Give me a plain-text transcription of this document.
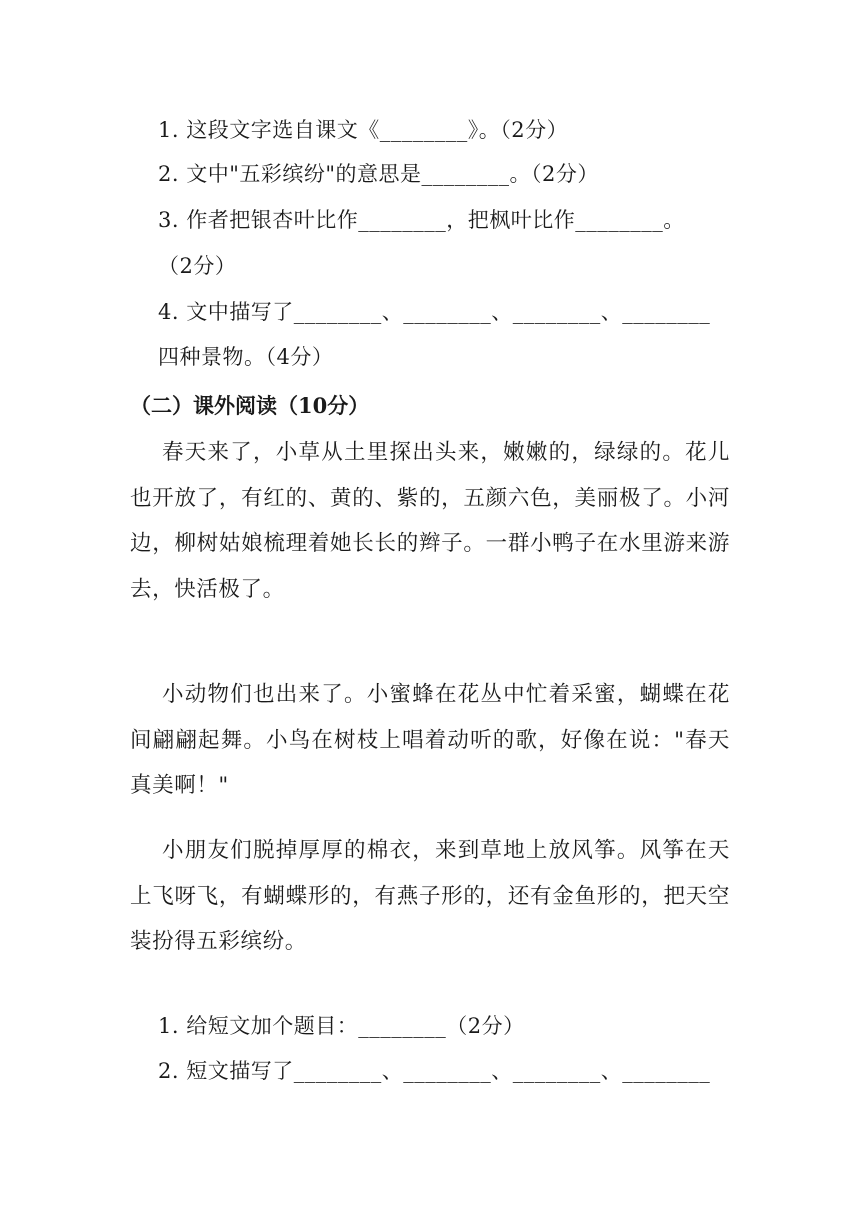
1. 这段文字选自课文《________》。（2分）
2. 文中"五彩缤纷"的意思是________。（2分）
3. 作者把银杏叶比作________，把枫叶比作________。
（2分）
4. 文中描写了________、________、________、________
四种景物。（4分）
（二）课外阅读（10分）
春天来了，小草从土里探出头来，嫩嫩的，绿绿的。花儿也开放了，有红的、黄的、紫的，五颜六色，美丽极了。小河边，柳树姑娘梳理着她长长的辫子。一群小鸭子在水里游来游去，快活极了。
小动物们也出来了。小蜜蜂在花丛中忙着采蜜，蝴蝶在花间翩翩起舞。小鸟在树枝上唱着动听的歌，好像在说："春天真美啊！"
小朋友们脱掉厚厚的棉衣，来到草地上放风筝。风筝在天上飞呀飞，有蝴蝶形的，有燕子形的，还有金鱼形的，把天空装扮得五彩缤纷。
1. 给短文加个题目：________（2分）
2. 短文描写了________、________、________、________
